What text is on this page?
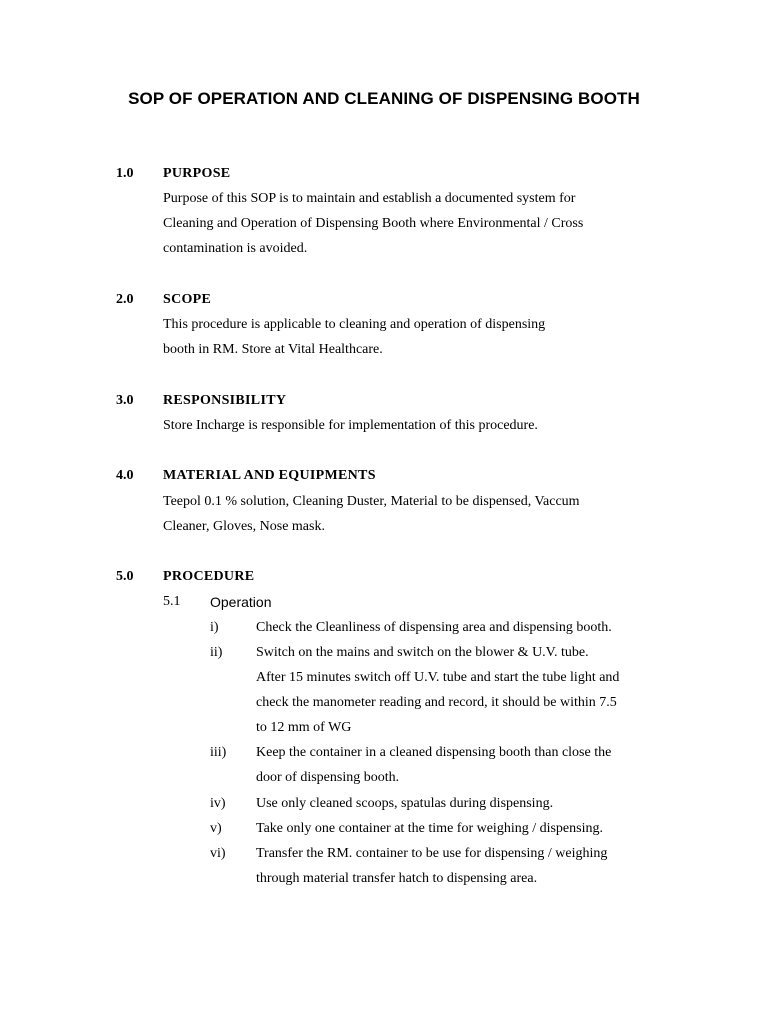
SOP OF OPERATION AND CLEANING OF DISPENSING BOOTH
1.0 PURPOSE
Purpose of this SOP is to maintain and establish a documented system for
Cleaning and Operation of Dispensing Booth where Environmental / Cross
contamination is avoided.
2.0 SCOPE
This procedure is applicable to cleaning and operation of dispensing
booth in RM. Store at Vital Healthcare.
3.0 RESPONSIBILITY
Store Incharge is responsible for implementation of this procedure.
4.0 MATERIAL AND EQUIPMENTS
Teepol 0.1 % solution, Cleaning Duster, Material to be dispensed, Vaccum
Cleaner, Gloves, Nose mask.
5.0 PROCEDURE
5.1 Operation
i)	Check the Cleanliness of dispensing area and dispensing booth.
ii) Switch on the mains and switch on the blower & U.V. tube.
After 15 minutes switch off U.V. tube and start the tube light and
check the manometer reading and record, it should be within 7.5
to 12 mm of WG
iii) Keep the container in a cleaned dispensing booth than close the
door of dispensing booth.
iv) Use only cleaned scoops, spatulas during dispensing.
v) Take only one container at the time for weighing / dispensing.
vi) Transfer the RM. container to be use for dispensing / weighing
through material transfer hatch to dispensing area.
